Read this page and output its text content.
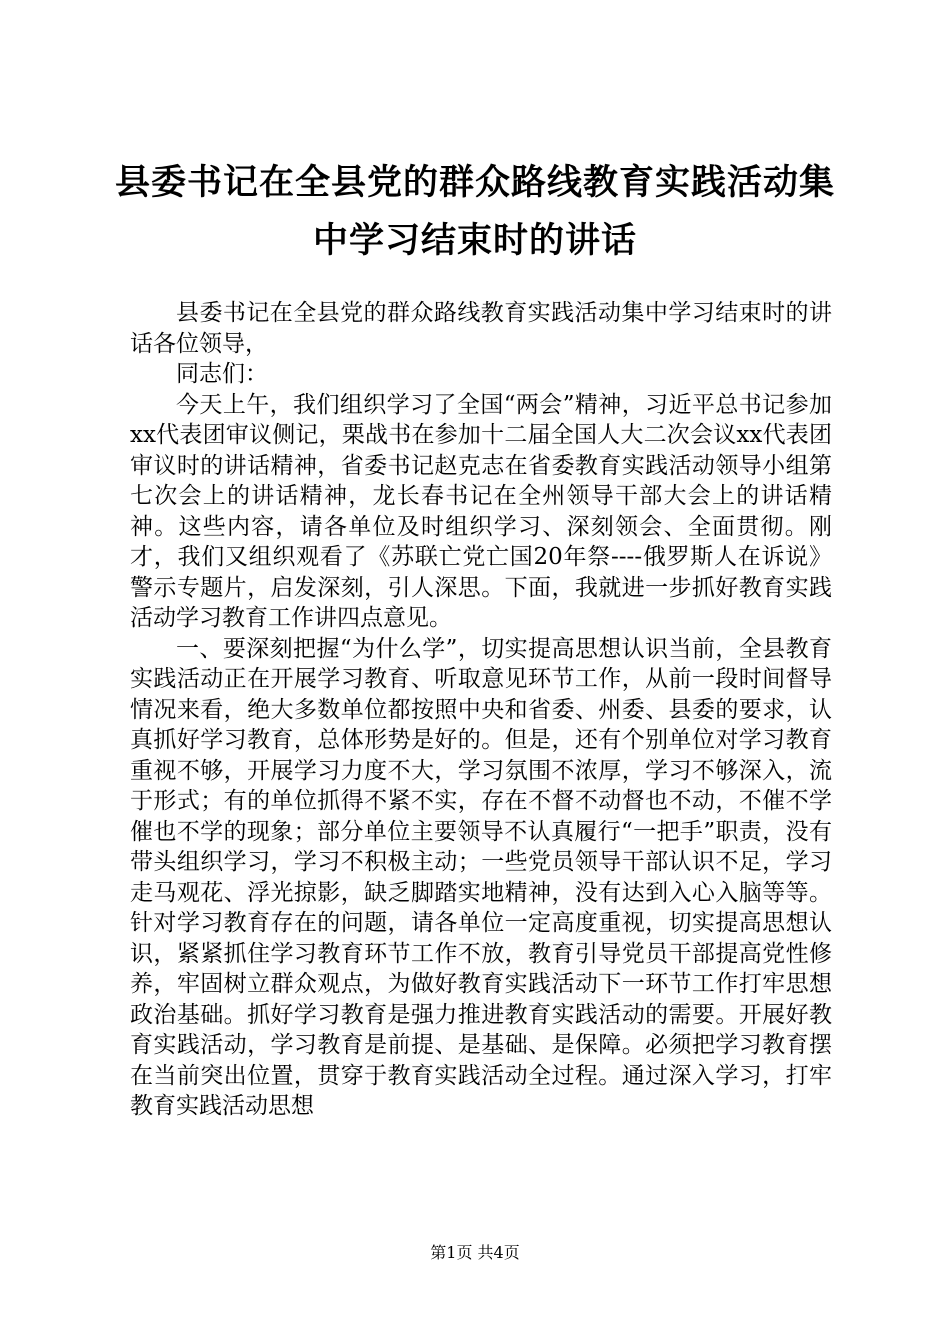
县委书记在全县党的群众路线教育实践活动集
中学习结束时的讲话

县委书记在全县党的群众路线教育实践活动集中学习结束时的讲话各位领导，

同志们：

今天上午，我们组织学习了全国“两会”精神，习近平总书记参加xx代表团审议侧记，栗战书在参加十二届全国人大二次会议xx代表团审议时的讲话精神，省委书记赵克志在省委教育实践活动领导小组第七次会上的讲话精神，龙长春书记在全州领导干部大会上的讲话精神。这些内容，请各单位及时组织学习、深刻领会、全面贯彻。刚才，我们又组织观看了《苏联亡党亡国20年祭----俄罗斯人在诉说》警示专题片，启发深刻，引人深思。下面，我就进一步抓好教育实践活动学习教育工作讲四点意见。

一、要深刻把握“为什么学”，切实提高思想认识当前，全县教育实践活动正在开展学习教育、听取意见环节工作，从前一段时间督导情况来看，绝大多数单位都按照中央和省委、州委、县委的要求，认真抓好学习教育，总体形势是好的。但是，还有个别单位对学习教育重视不够，开展学习力度不大，学习氛围不浓厚，学习不够深入，流于形式；有的单位抓得不紧不实，存在不督不动督也不动，不催不学催也不学的现象；部分单位主要领导不认真履行“一把手”职责，没有带头组织学习，学习不积极主动；一些党员领导干部认识不足，学习走马观花、浮光掠影，缺乏脚踏实地精神，没有达到入心入脑等等。针对学习教育存在的问题，请各单位一定高度重视，切实提高思想认识，紧紧抓住学习教育环节工作不放，教育引导党员干部提高党性修养，牢固树立群众观点，为做好教育实践活动下一环节工作打牢思想政治基础。抓好学习教育是强力推进教育实践活动的需要。开展好教育实践活动，学习教育是前提、是基础、是保障。必须把学习教育摆在当前突出位置，贯穿于教育实践活动全过程。通过深入学习，打牢教育实践活动思想

第1页 共4页
